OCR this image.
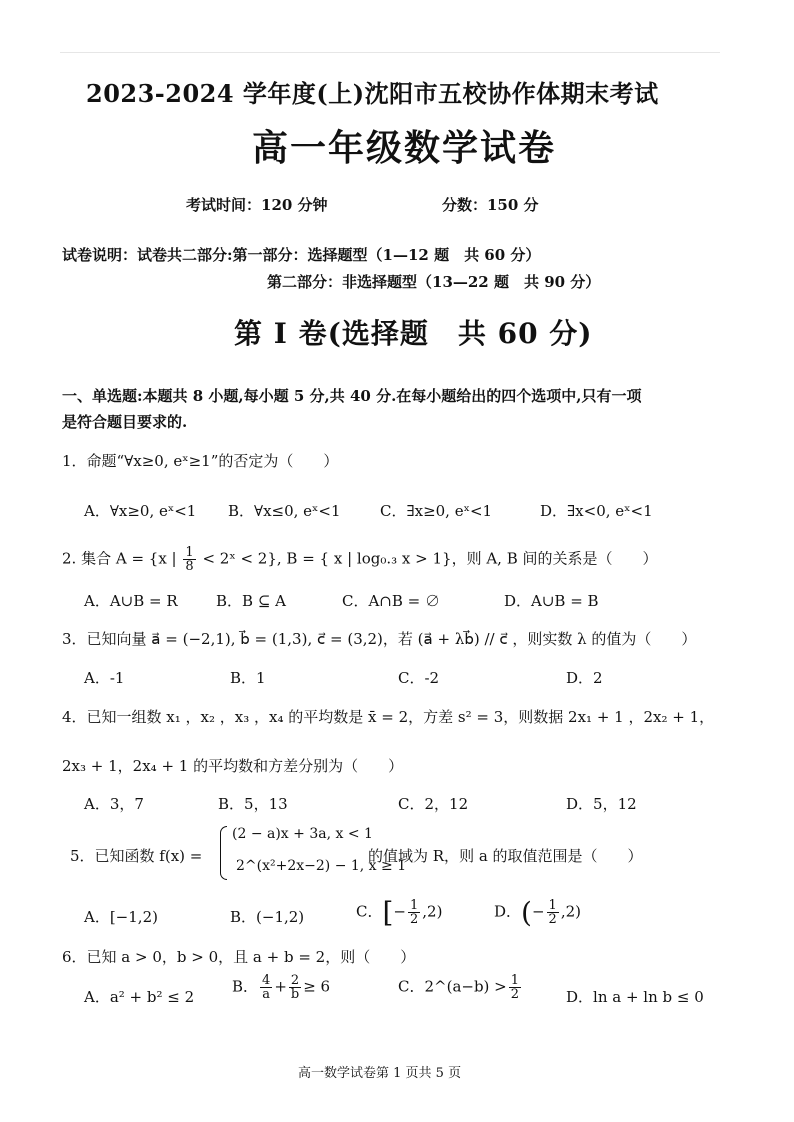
2023-2024 学年度(上)沈阳市五校协作体期末考试
高一年级数学试卷
考试时间：120 分钟	分数：150 分
试卷说明：试卷共二部分:第一部分：选择题型（1—12 题　共 60 分）
第二部分：非选择题型（13—22 题　共 90 分）
第 I 卷(选择题　共 60 分)
一、单选题:本题共 8 小题,每小题 5 分,共 40 分.在每小题给出的四个选项中,只有一项
是符合题目要求的.
1．命题“∀x≥0, eˣ≥1”的否定为（　　）
A．∀x≥0, eˣ<1 B．∀x≤0, eˣ<1	C．∃x≥0, eˣ<1	D．∃x<0, eˣ<1
2. 集合 A = {x | $\frac{1}{8}$ < 2ˣ < 2}, B = { x | log₀.₃ x > 1}，则 A, B 间的关系是（　　）
A．A∪B = R	B．B ⊆ A	C．A∩B = ∅	D．A∪B = B
3．已知向量 a⃗ = (−2,1), b⃗ = (1,3), c⃗ = (3,2)，若 (a⃗ + λb⃗) // c⃗ ，则实数 λ 的值为（　　）
A．-1	B．1	C．-2	D．2
4．已知一组数 x₁ ，x₂ ，x₃ ，x₄ 的平均数是 x̄ = 2，方差 s² = 3，则数据 2x₁ + 1 ，2x₂ + 1，
2x₃ + 1，2x₄ + 1 的平均数和方差分别为（　　）
A．3，7	B．5，13	C．2，12	D．5，12
5．已知函数 f(x) =
(2 − a)x + 3a, x < 1
2^(x²+2x−2) − 1, x ≥ 1
的值域为 R，则 a 的取值范围是（　　）
A．[−1,2)	B．(−1,2)	C．[− $\frac{1}{2} ,2$)	D．(− $\frac{1}{2} ,2$)
6．已知 a > 0，b > 0，且 a + b = 2，则（　　）
A．a² + b² ≤ 2
B． $\frac{4}{a} + \frac{2}{b} \ge 6$	C．2^(a−b) > $\frac{1}{2}$	D．ln a + ln b ≤ 0
高一数学试卷第 1 页共 5 页
